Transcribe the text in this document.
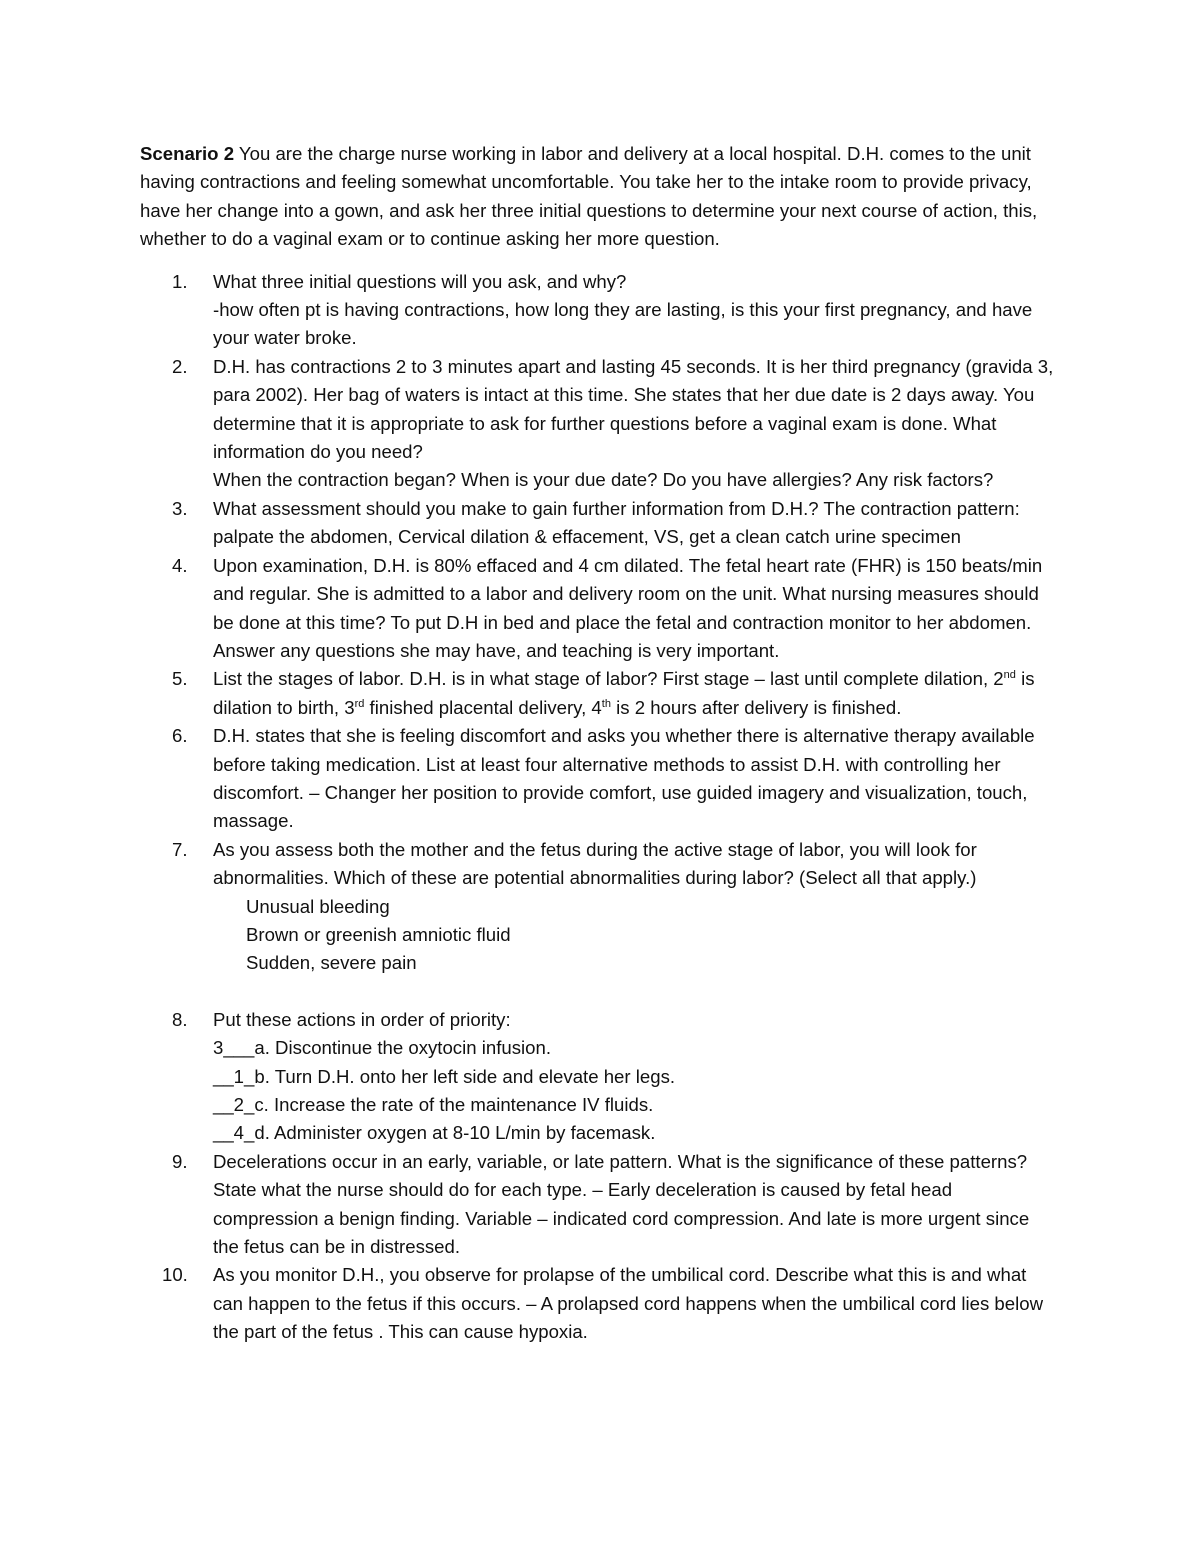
Scenario 2 You are the charge nurse working in labor and delivery at a local hospital. D.H. comes to the unit having contractions and feeling somewhat uncomfortable. You take her to the intake room to provide privacy, have her change into a gown, and ask her three initial questions to determine your next course of action, this, whether to do a vaginal exam or to continue asking her more question.

1.	What three initial questions will you ask, and why?
-how often pt is having contractions, how long they are lasting, is this your first pregnancy, and have your water broke.
2.	D.H. has contractions 2 to 3 minutes apart and lasting 45 seconds. It is her third pregnancy (gravida 3, para 2002). Her bag of waters is intact at this time. She states that her due date is 2 days away. You determine that it is appropriate to ask for further questions before a vaginal exam is done. What information do you need?
When the contraction began? When is your due date? Do you have allergies? Any risk factors?
3.	What assessment should you make to gain further information from D.H.? The contraction pattern: palpate the abdomen, Cervical dilation & effacement, VS, get a clean catch urine specimen
4.	Upon examination, D.H. is 80% effaced and 4 cm dilated. The fetal heart rate (FHR) is 150 beats/min and regular. She is admitted to a labor and delivery room on the unit. What nursing measures should be done at this time? To put D.H in bed and place the fetal and contraction monitor to her abdomen. Answer any questions she may have, and teaching is very important.
5.	List the stages of labor. D.H. is in what stage of labor? First stage – last until complete dilation, 2nd is dilation to birth, 3rd finished placental delivery, 4th is 2 hours after delivery is finished.
6.	D.H. states that she is feeling discomfort and asks you whether there is alternative therapy available before taking medication. List at least four alternative methods to assist D.H. with controlling her discomfort. – Changer her position to provide comfort, use guided imagery and visualization, touch, massage.
7.	As you assess both the mother and the fetus during the active stage of labor, you will look for abnormalities. Which of these are potential abnormalities during labor? (Select all that apply.)
Unusual bleeding
Brown or greenish amniotic fluid
Sudden, severe pain
8.	Put these actions in order of priority:
3___a. Discontinue the oxytocin infusion.
__1_b. Turn D.H. onto her left side and elevate her legs.
__2_c. Increase the rate of the maintenance IV fluids.
__4_d. Administer oxygen at 8-10 L/min by facemask.
9.	Decelerations occur in an early, variable, or late pattern. What is the significance of these patterns? State what the nurse should do for each type. – Early deceleration is caused by fetal head compression a benign finding. Variable – indicated cord compression. And late is more urgent since the fetus can be in distressed.
10.	As you monitor D.H., you observe for prolapse of the umbilical cord. Describe what this is and what can happen to the fetus if this occurs. – A prolapsed cord happens when the umbilical cord lies below the part of the fetus . This can cause hypoxia.
